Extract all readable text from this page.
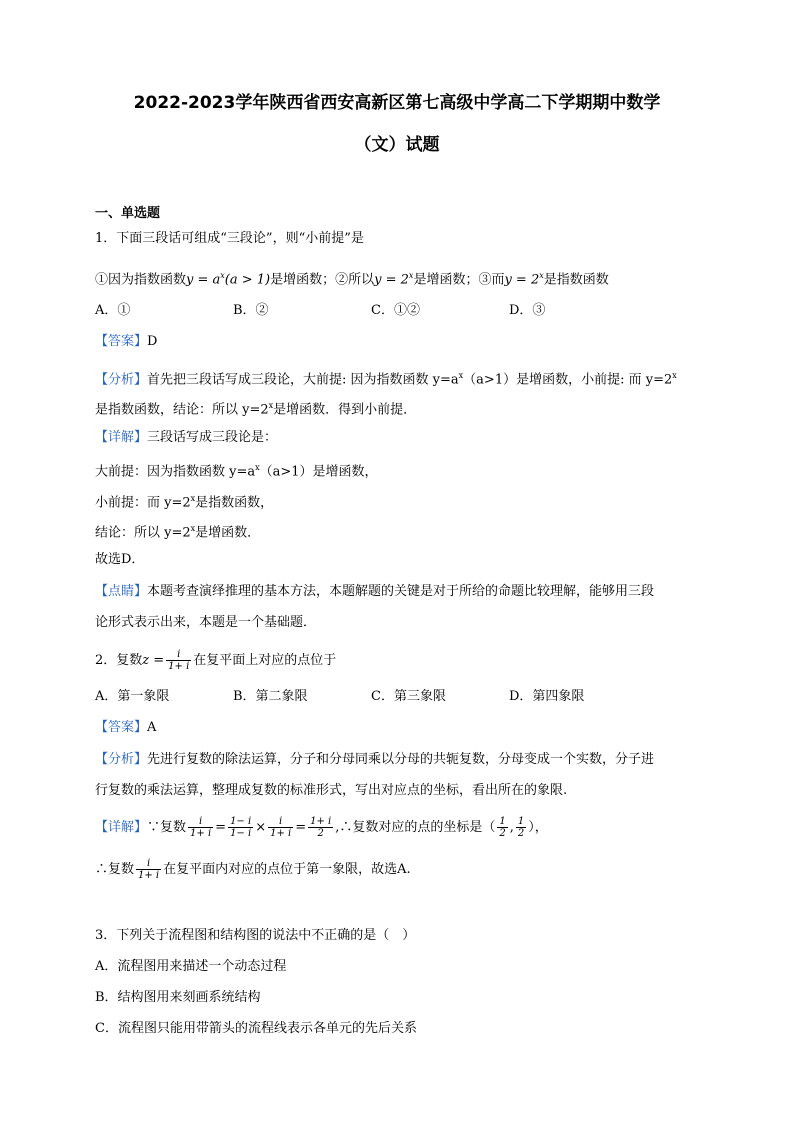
2022-2023学年陕西省西安高新区第七高级中学高二下学期期中数学
（文）试题
一、单选题
1．下面三段话可组成“三段论”，则“小前提”是
①因为指数函数$y = a^x(a > 1)$是增函数；②所以$y = 2^x$是增函数；③而$y = 2^x$是指数函数
A．①	B．②	C．①②	D．③
【答案】D
【分析】首先把三段话写成三段论，大前提: 因为指数函数 $y=a^x(a>1)$是增函数，小前提: 而 $y=2^x$
是指数函数，结论：所以 $y=2^x$是增函数．得到小前提．
【详解】三段话写成三段论是：
大前提：因为指数函数 $y=a^x(a>1)$是增函数，
小前提：而 $y=2^x$是指数函数，
结论：所以 $y=2^x$是增函数．
故选D．
【点睛】本题考查演绎推理的基本方法，本题解题的关键是对于所给的命题比较理解，能够用三段
论形式表示出来，本题是一个基础题．
2．复数$z = \frac{i}{1+ i}$ 在复平面上对应的点位于
A．第一象限	B．第二象限	C．第三象限	D．第四象限
【答案】A
【分析】先进行复数的除法运算，分子和分母同乘以分母的共轭复数，分母变成一个实数，分子进
行复数的乘法运算，整理成复数的标准形式，写出对应点的坐标，看出所在的象限.
【详解】∵复数 $\frac{i}{1+ i} = \frac{1- i}{1- i} \times \frac{i}{1+ i} = \frac{1+ i}{2}$ ,∴复数对应的点的坐标是（ $\frac{1}{2}$ , $\frac{1}{2}$ ），
∴复数 $\frac{i}{1+ i}$ 在复平面内对应的点位于第一象限，故选A.
3．下列关于流程图和结构图的说法中不正确的是（　）
A．流程图用来描述一个动态过程
B．结构图用来刻画系统结构
C．流程图只能用带箭头的流程线表示各单元的先后关系
